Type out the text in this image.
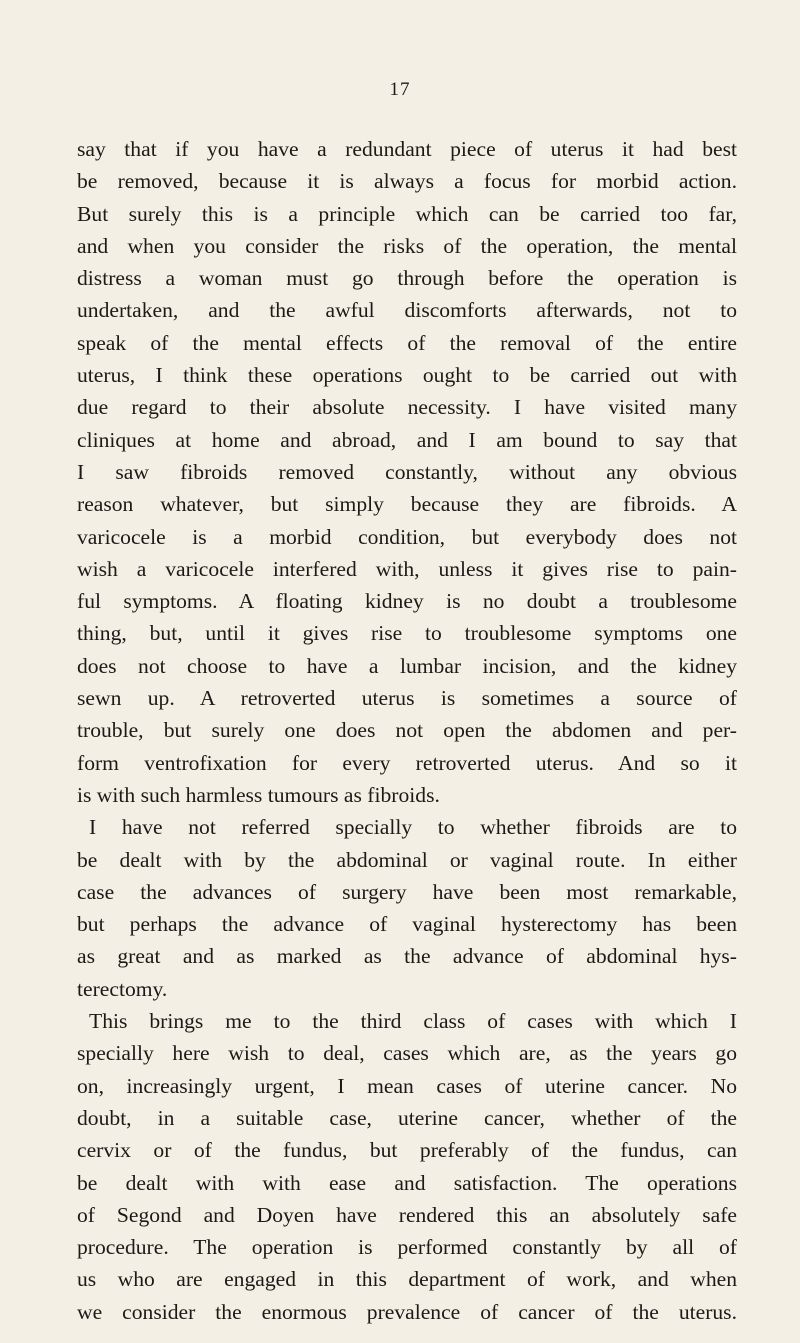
17
say that if you have a redundant piece of uterus it had best
be removed, because it is always a focus for morbid action.
But surely this is a principle which can be carried too far,
and when you consider the risks of the operation, the mental
distress a woman must go through before the operation is
undertaken, and the awful discomforts afterwards, not to
speak of the mental effects of the removal of the entire
uterus, I think these operations ought to be carried out with
due regard to their absolute necessity. I have visited many
cliniques at home and abroad, and I am bound to say that
I saw fibroids removed constantly, without any obvious
reason whatever, but simply because they are fibroids. A
varicocele is a morbid condition, but everybody does not
wish a varicocele interfered with, unless it gives rise to pain-
ful symptoms. A floating kidney is no doubt a troublesome
thing, but, until it gives rise to troublesome symptoms one
does not choose to have a lumbar incision, and the kidney
sewn up. A retroverted uterus is sometimes a source of
trouble, but surely one does not open the abdomen and per-
form ventrofixation for every retroverted uterus. And so it
is with such harmless tumours as fibroids.
I have not referred specially to whether fibroids are to
be dealt with by the abdominal or vaginal route. In either
case the advances of surgery have been most remarkable,
but perhaps the advance of vaginal hysterectomy has been
as great and as marked as the advance of abdominal hys-
terectomy.
This brings me to the third class of cases with which I
specially here wish to deal, cases which are, as the years go
on, increasingly urgent, I mean cases of uterine cancer. No
doubt, in a suitable case, uterine cancer, whether of the
cervix or of the fundus, but preferably of the fundus, can
be dealt with with ease and satisfaction. The operations
of Segond and Doyen have rendered this an absolutely safe
procedure. The operation is performed constantly by all of
us who are engaged in this department of work, and when
we consider the enormous prevalence of cancer of the uterus.
